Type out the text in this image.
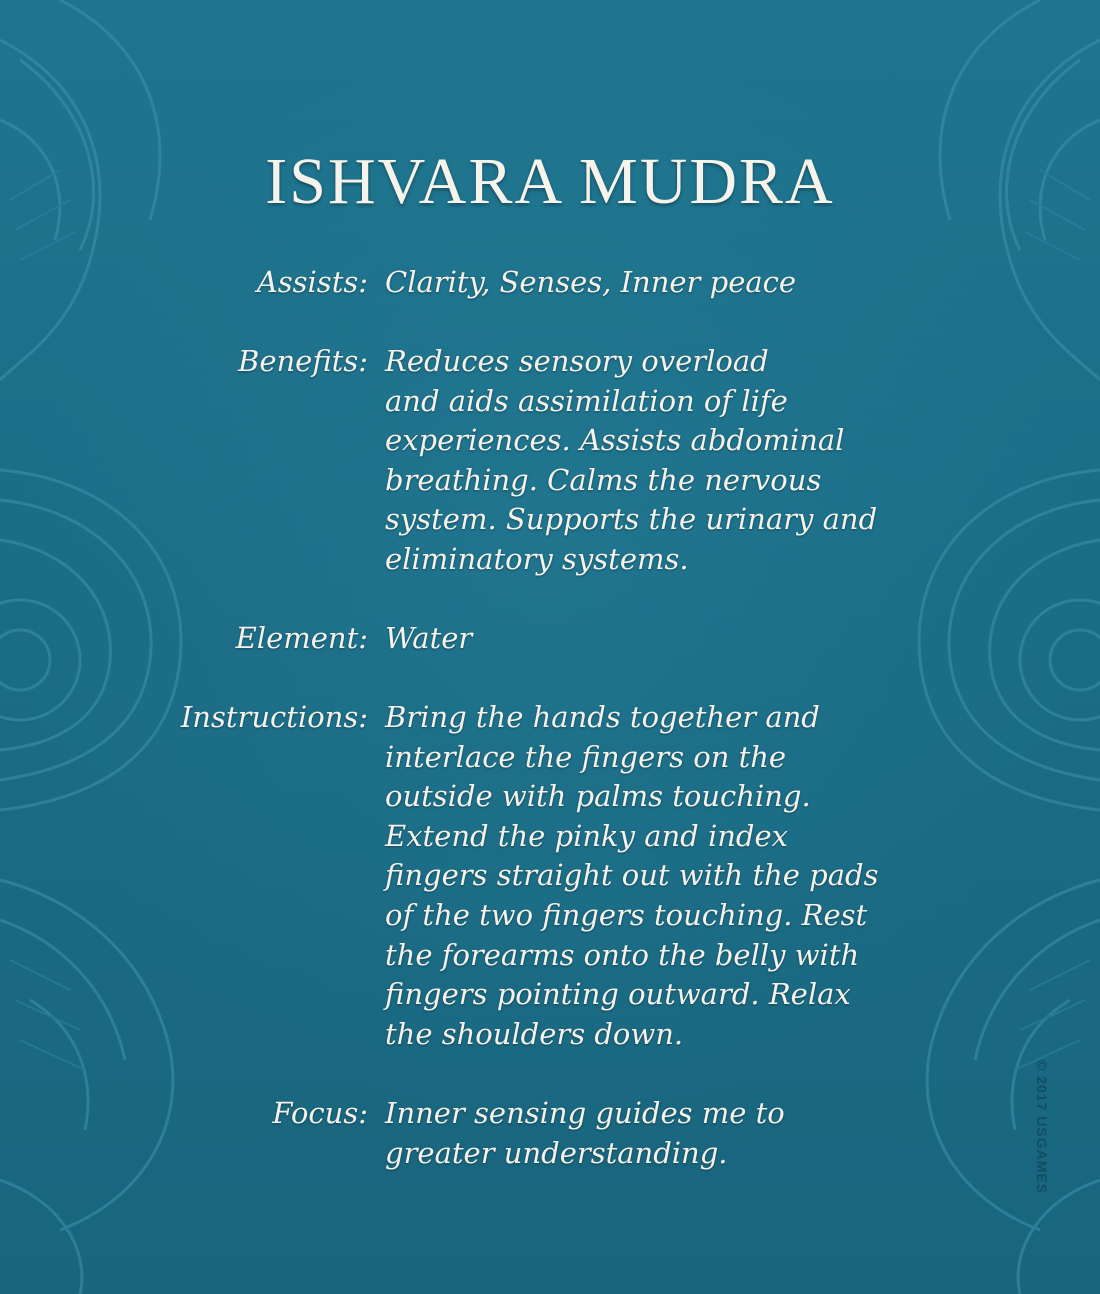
ISHVARA MUDRA
Assists: Clarity, Senses, Inner peace
Benefits: Reduces sensory overload
and aids assimilation of life
experiences. Assists abdominal
breathing. Calms the nervous
system. Supports the urinary and
eliminatory systems.
Element: Water
Instructions: Bring the hands together and
interlace the fingers on the
outside with palms touching.
Extend the pinky and index
fingers straight out with the pads
of the two fingers touching. Rest
the forearms onto the belly with
fingers pointing outward. Relax
the shoulders down.
Focus: Inner sensing guides me to
greater understanding.	© 2017 USGAMES
